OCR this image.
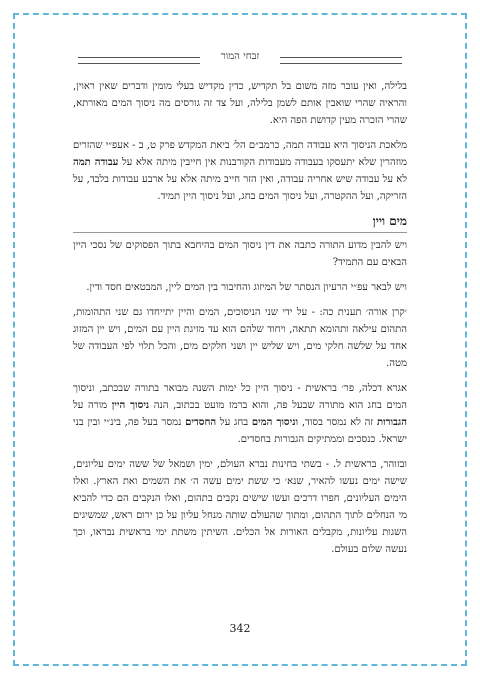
זבחי המור

בלילה, ואין עובר מזה משום בל תקדיש, כדין מקדיש בעלי מומין ודברים שאין ראוין, והראיה שהרי שואבין אותם לשמן בלילה, ועל צד זה גורסים מה ניסוך המים מאורתא, שהרי הזכרה מעין קדושת הפה היא.

מלאכת הניסוך היא עבודה תמה, כרמב״ם הל׳ ביאת המקדש פרק ט, ב - אעפ״י שהזרים מוזהרין שלא יתעסקו בעבודה מעבודות הקורבנות אין חייבין מיתה אלא על עבודה תמה לא על עבודה שיש אחריה עבודה, ואין הזר חייב מיתה אלא על ארבע עבודות בלבד, על הזריקה, ועל ההקטרה, ועל ניסוך המים בחג, ועל ניסוך היין תמיד.

מים ויין

ויש להבין מדוע התורה כתבה את דין ניסוך המים בהיחבא בתוך הפסוקים של נסכי היין הבאים עם התמיד?

ויש לבאר עפ״י הרעיון הנסתר של המיזוג והחיבור בין המים ליין, המבטאים חסד ודין.

׳קרן אורה׳ תענית כה: - על ידי שני הניסוכים, המים והיין יתייחדו גם שני התהומות, התהום עילאה ותהומא תתאה, ויחוד שלהם הוא עד מזיגת היין עם המים, ויש יין המזוג אחד על שלשה חלקי מים, ויש שליש יין ושני חלקים מים, והכל תלוי לפי העבודה של מטה.

אגרא דכלה, פר׳ בראשית - ניסוך היין כל ימות השנה מבואר בתורה שבכתב, וניסוך המים בחג הוא מתורה שבעל פה, והוא ברמז מועט בכתוב, הנה ניסוך היין מורה על הגבורות זה לא נמסר בסוד, וניסוך המים בחג על החסדים נמסר בעל פה, בינ״י ובין בני ישראל. כנסכים וממתיקים הגבורות בחסדים.

ובזוהר, בראשית ל. - בשתי בחינות נברא העולם, ימין ושמאל של ששה ימים עליונים, שישה ימים נעשו להאיר, שנא׳ כי ששת ימים עשה ה׳ את השמים ואת הארץ. ואלו הימים העליונים, חפרו דרכים ועשו שישים נקבים בתהום, ואלו הנקבים הם כדי להביא מי הנחלים לתוך התהום, ומתוך שהעולם שותה מנחל עליון על כן ירום ראש, שמשיגים השגות עליונות, מקבלים האורות אל הכלים. השיתין משתת ימי בראשית נבראו, וכך נעשה שלום בעולם.

342
